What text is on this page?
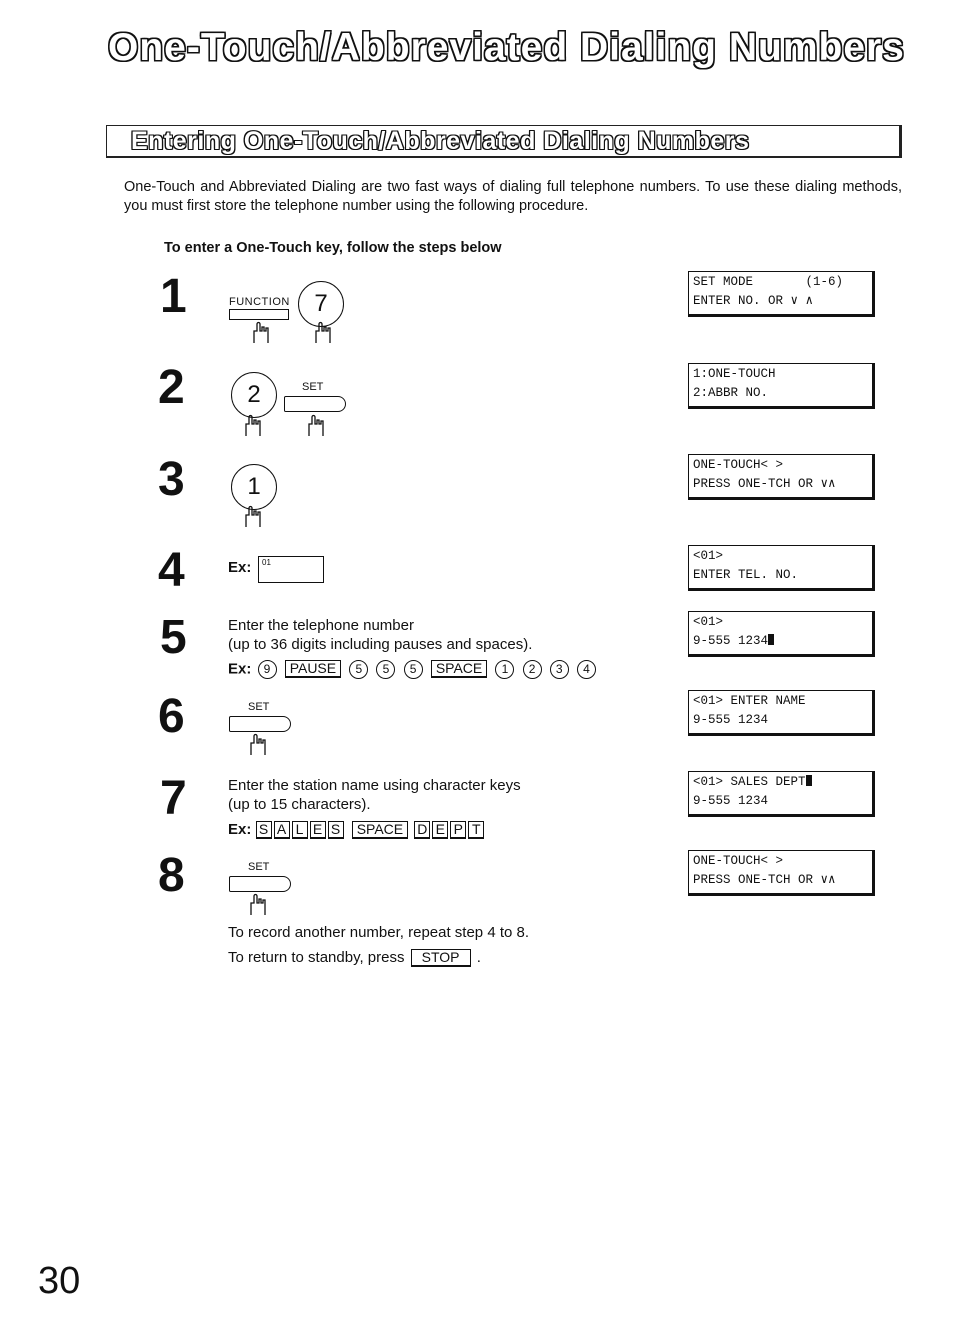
One-Touch/Abbreviated Dialing Numbers
Entering One-Touch/Abbreviated Dialing Numbers
One-Touch and Abbreviated Dialing are two fast ways of dialing full telephone numbers. To use these dialing methods, you must first store the telephone number using the following procedure.
To enter a One-Touch key, follow the steps below
1	FUNCTION	7
2	2	SET
3	1
4	Ex: 01
5	Enter the telephone number
(up to 36 digits including pauses and spaces).
Ex: 9 PAUSE 5 5 5 SPACE 1 2 3 4
6	SET
7	Enter the station name using character keys
(up to 15 characters).
Ex: S A L E S SPACE D E P T
8	SET
SET MODE       (1-6)
ENTER NO. OR ∨ ∧
1:ONE-TOUCH
2:ABBR NO.
ONE-TOUCH< >
PRESS ONE-TCH OR ∨∧
<01>
ENTER TEL. NO.
<01>
9-555 1234
<01> ENTER NAME
9-555 1234
<01> SALES DEPT
9-555 1234
ONE-TOUCH< >
PRESS ONE-TCH OR ∨∧
To record another number, repeat step 4 to 8.
To return to standby, press STOP .
30
